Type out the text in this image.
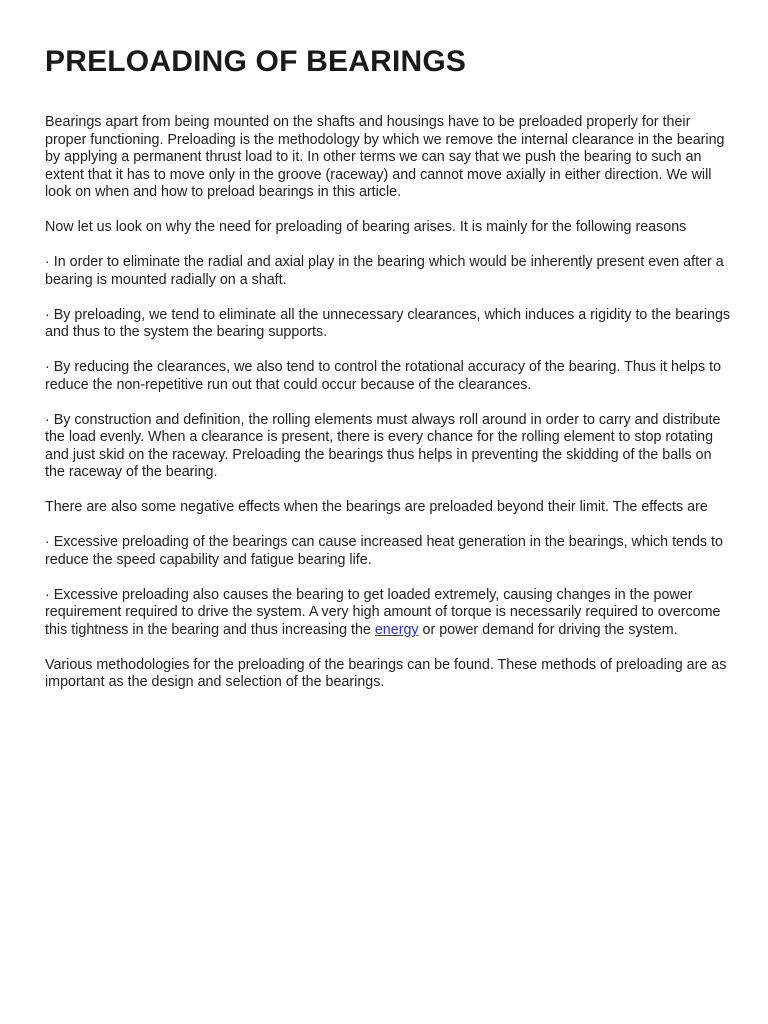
PRELOADING OF BEARINGS

Bearings apart from being mounted on the shafts and housings have to be preloaded properly for their proper functioning. Preloading is the methodology by which we remove the internal clearance in the bearing by applying a permanent thrust load to it. In other terms we can say that we push the bearing to such an extent that it has to move only in the groove (raceway) and cannot move axially in either direction. We will look on when and how to preload bearings in this article.

Now let us look on why the need for preloading of bearing arises. It is mainly for the following reasons

· In order to eliminate the radial and axial play in the bearing which would be inherently present even after a bearing is mounted radially on a shaft.

· By preloading, we tend to eliminate all the unnecessary clearances, which induces a rigidity to the bearings and thus to the system the bearing supports.

· By reducing the clearances, we also tend to control the rotational accuracy of the bearing. Thus it helps to reduce the non-repetitive run out that could occur because of the clearances.

· By construction and definition, the rolling elements must always roll around in order to carry and distribute the load evenly. When a clearance is present, there is every chance for the rolling element to stop rotating and just skid on the raceway. Preloading the bearings thus helps in preventing the skidding of the balls on the raceway of the bearing.

There are also some negative effects when the bearings are preloaded beyond their limit. The effects are

· Excessive preloading of the bearings can cause increased heat generation in the bearings, which tends to reduce the speed capability and fatigue bearing life.

· Excessive preloading also causes the bearing to get loaded extremely, causing changes in the power requirement required to drive the system. A very high amount of torque is necessarily required to overcome this tightness in the bearing and thus increasing the energy or power demand for driving the system.

Various methodologies for the preloading of the bearings can be found. These methods of preloading are as important as the design and selection of the bearings.
